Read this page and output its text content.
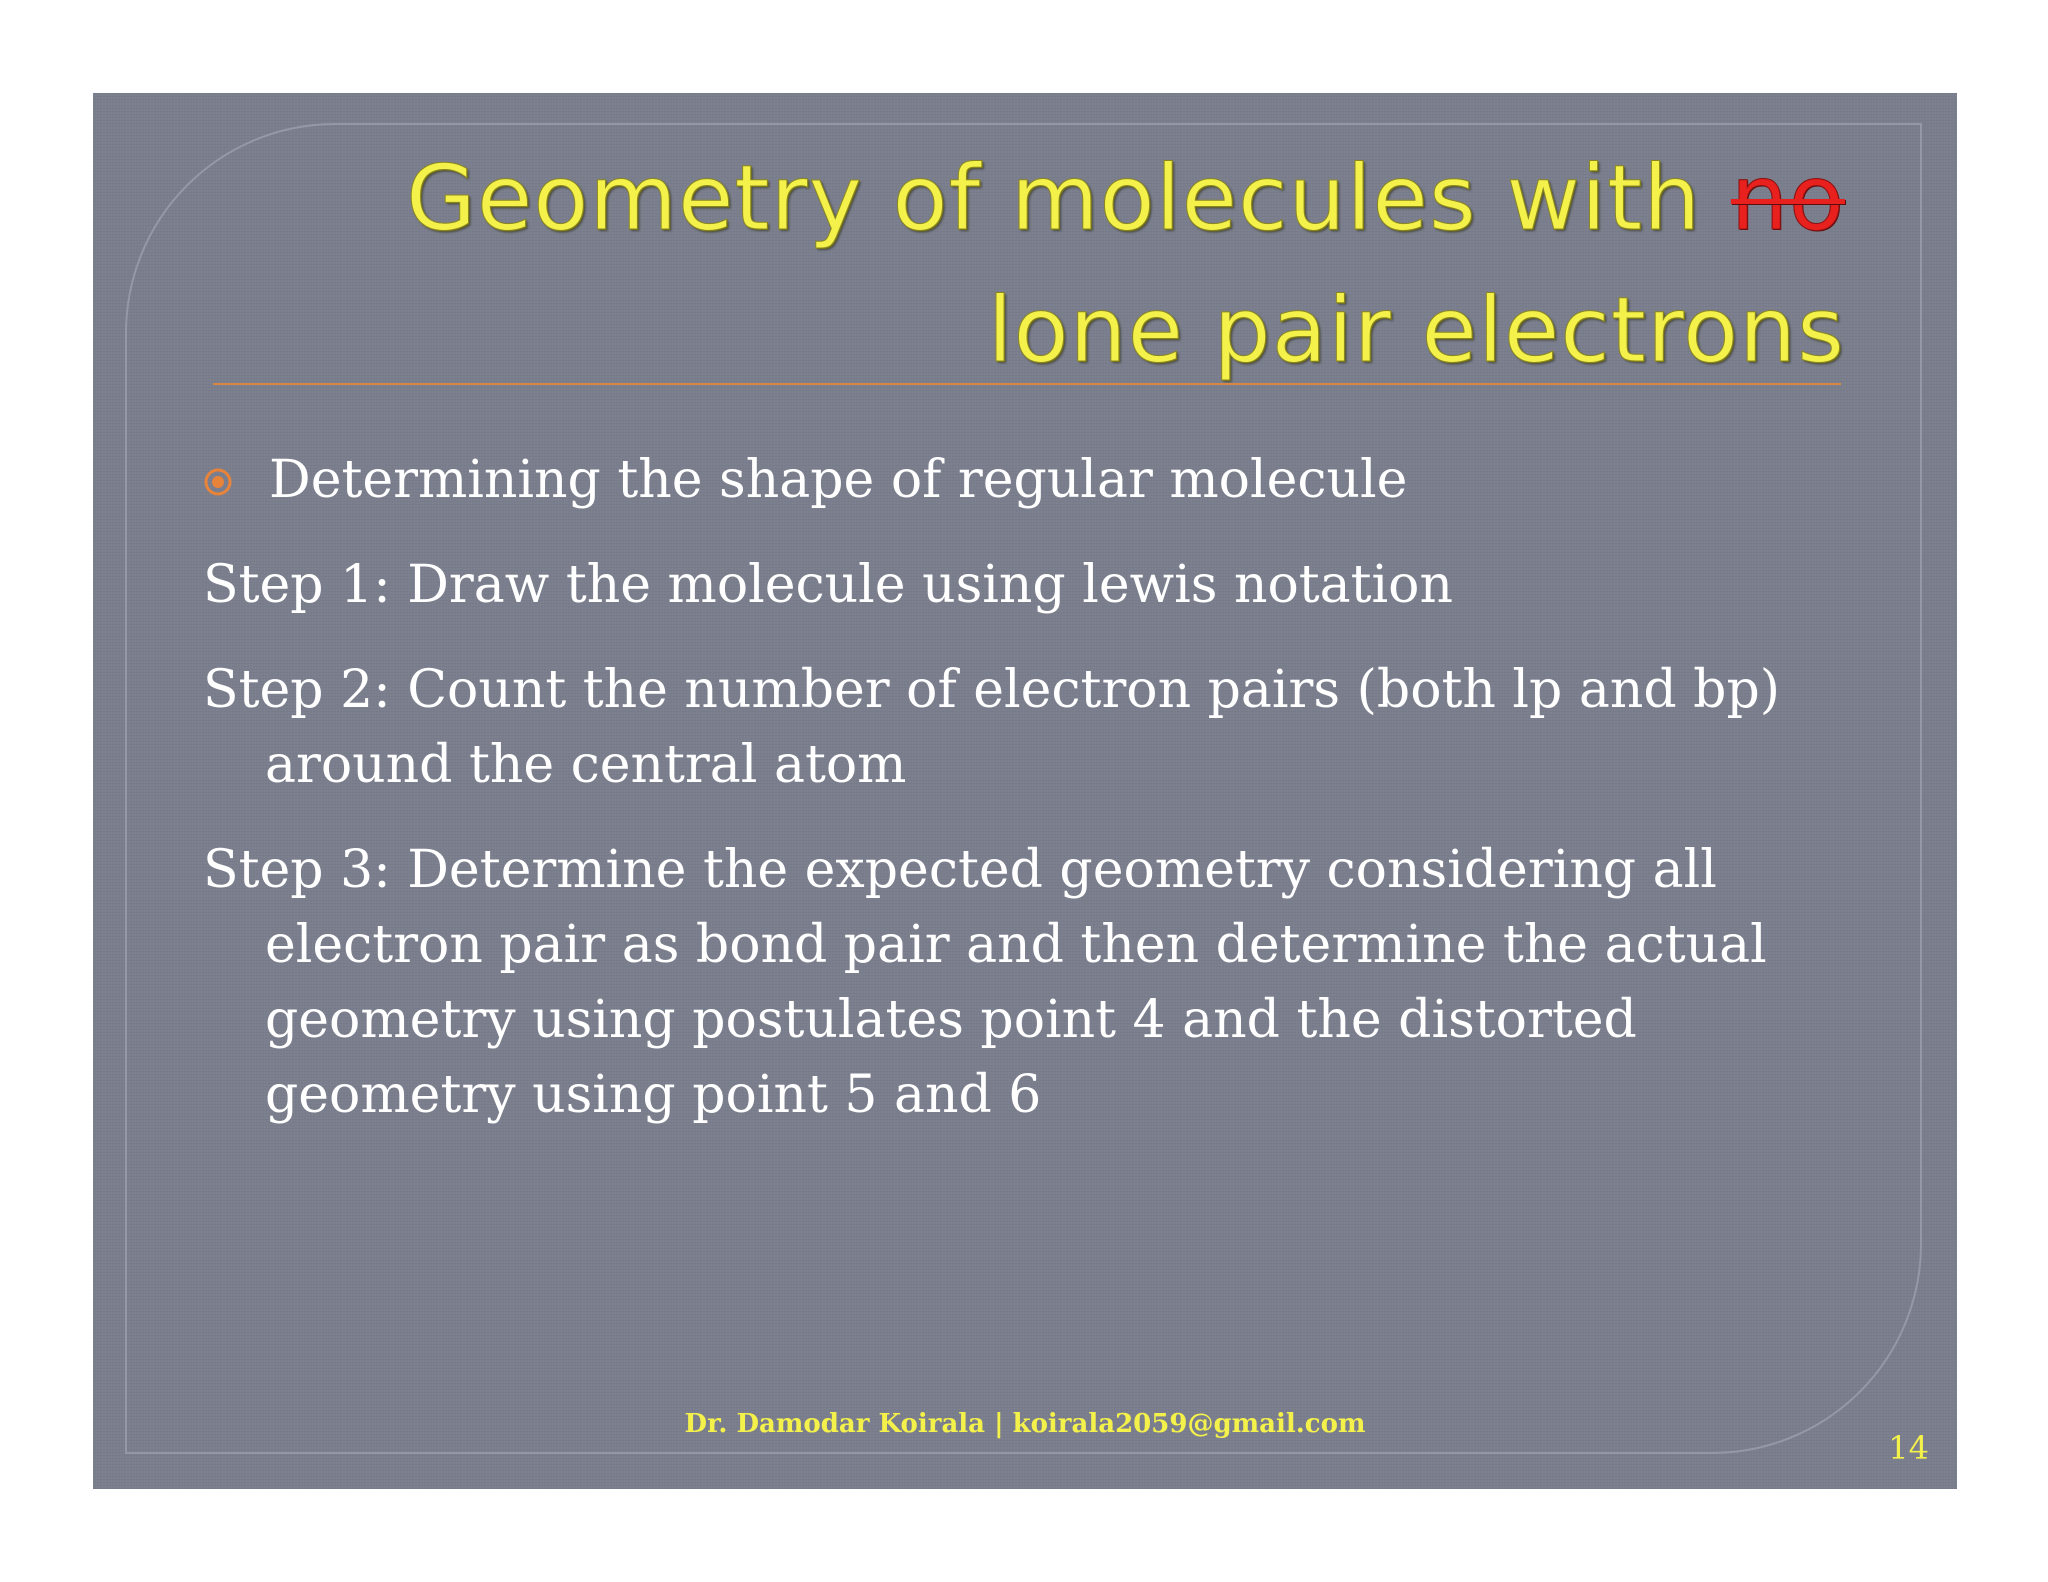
Geometry of molecules with no
lone pair electrons

Determining the shape of regular molecule

Step 1: Draw the molecule using lewis notation

Step 2: Count the number of electron pairs (both lp and bp) around the central atom

Step 3: Determine the expected geometry considering all electron pair as bond pair and then determine the actual geometry using postulates point 4 and the distorted geometry using point 5 and 6

Dr. Damodar Koirala | koirala2059@gmail.com
14
